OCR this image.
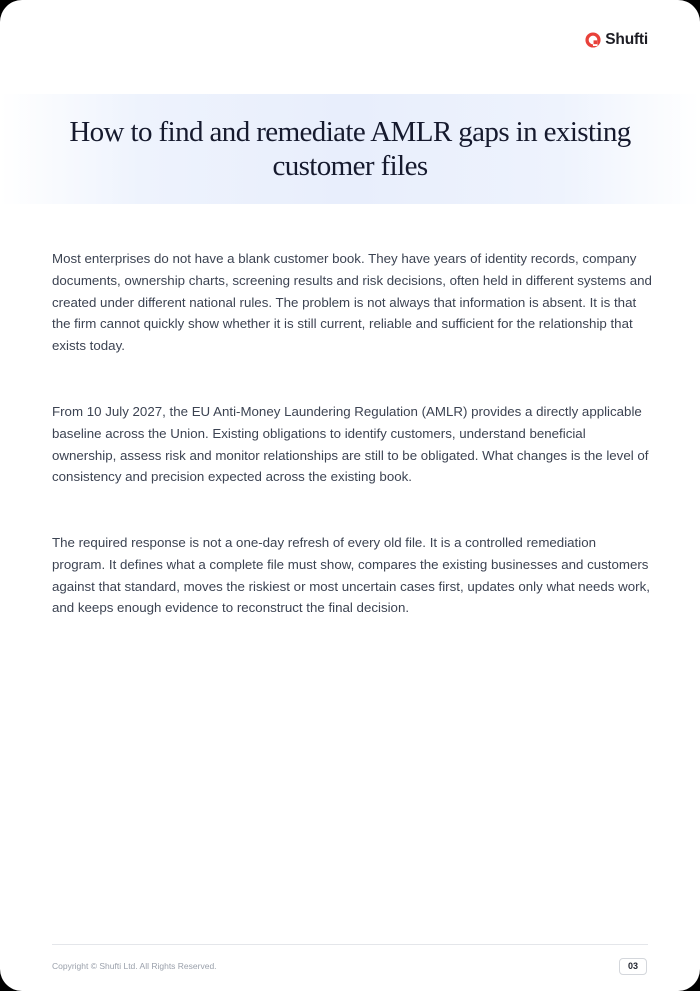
Shufti
How to find and remediate AMLR gaps in existing customer files

Most enterprises do not have a blank customer book. They have years of identity records, company documents, ownership charts, screening results and risk decisions, often held in different systems and created under different national rules. The problem is not always that information is absent. It is that the firm cannot quickly show whether it is still current, reliable and sufficient for the relationship that exists today.

From 10 July 2027, the EU Anti-Money Laundering Regulation (AMLR) provides a directly applicable baseline across the Union. Existing obligations to identify customers, understand beneficial ownership, assess risk and monitor relationships are still to be obligated. What changes is the level of consistency and precision expected across the existing book.

The required response is not a one-day refresh of every old file. It is a controlled remediation program. It defines what a complete file must show, compares the existing businesses and customers against that standard, moves the riskiest or most uncertain cases first, updates only what needs work, and keeps enough evidence to reconstruct the final decision.

Copyright © Shufti Ltd. All Rights Reserved.	03
